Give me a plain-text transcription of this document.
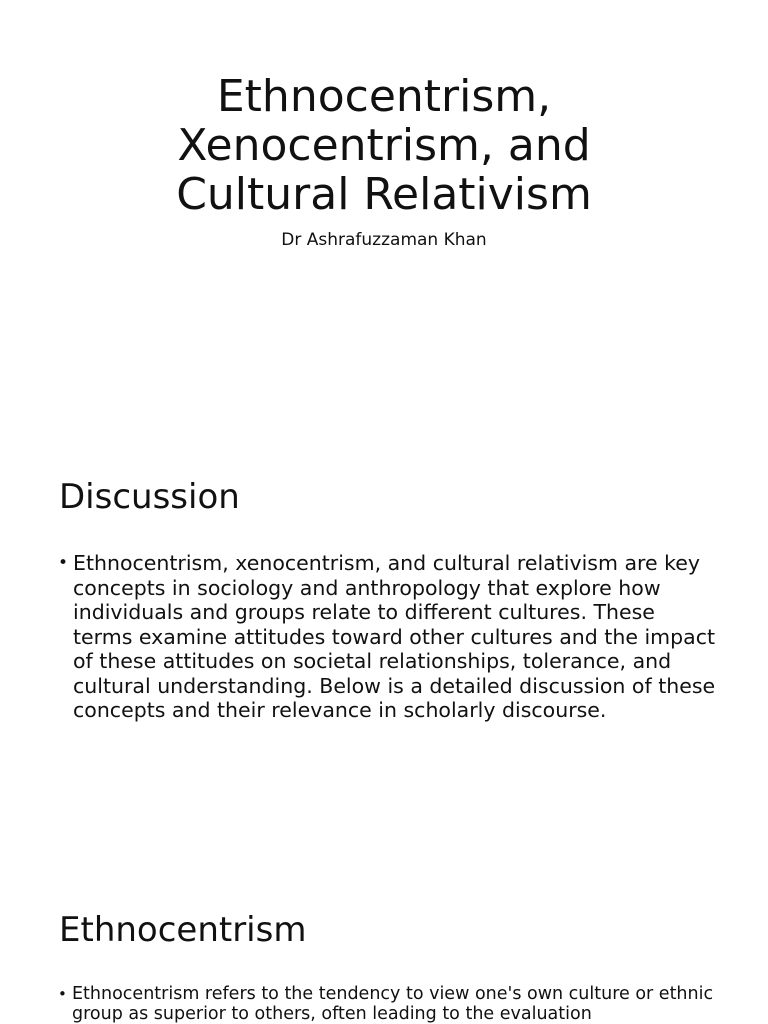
Ethnocentrism,
Xenocentrism, and
Cultural Relativism

Dr Ashrafuzzaman Khan

Discussion
• Ethnocentrism, xenocentrism, and cultural relativism are key concepts in sociology and anthropology that explore how individuals and groups relate to different cultures. These terms examine attitudes toward other cultures and the impact of these attitudes on societal relationships, tolerance, and cultural understanding. Below is a detailed discussion of these concepts and their relevance in scholarly discourse.
Ethnocentrism
• Ethnocentrism refers to the tendency to view one's own culture or ethnic group as superior to others, often leading to the evaluation
